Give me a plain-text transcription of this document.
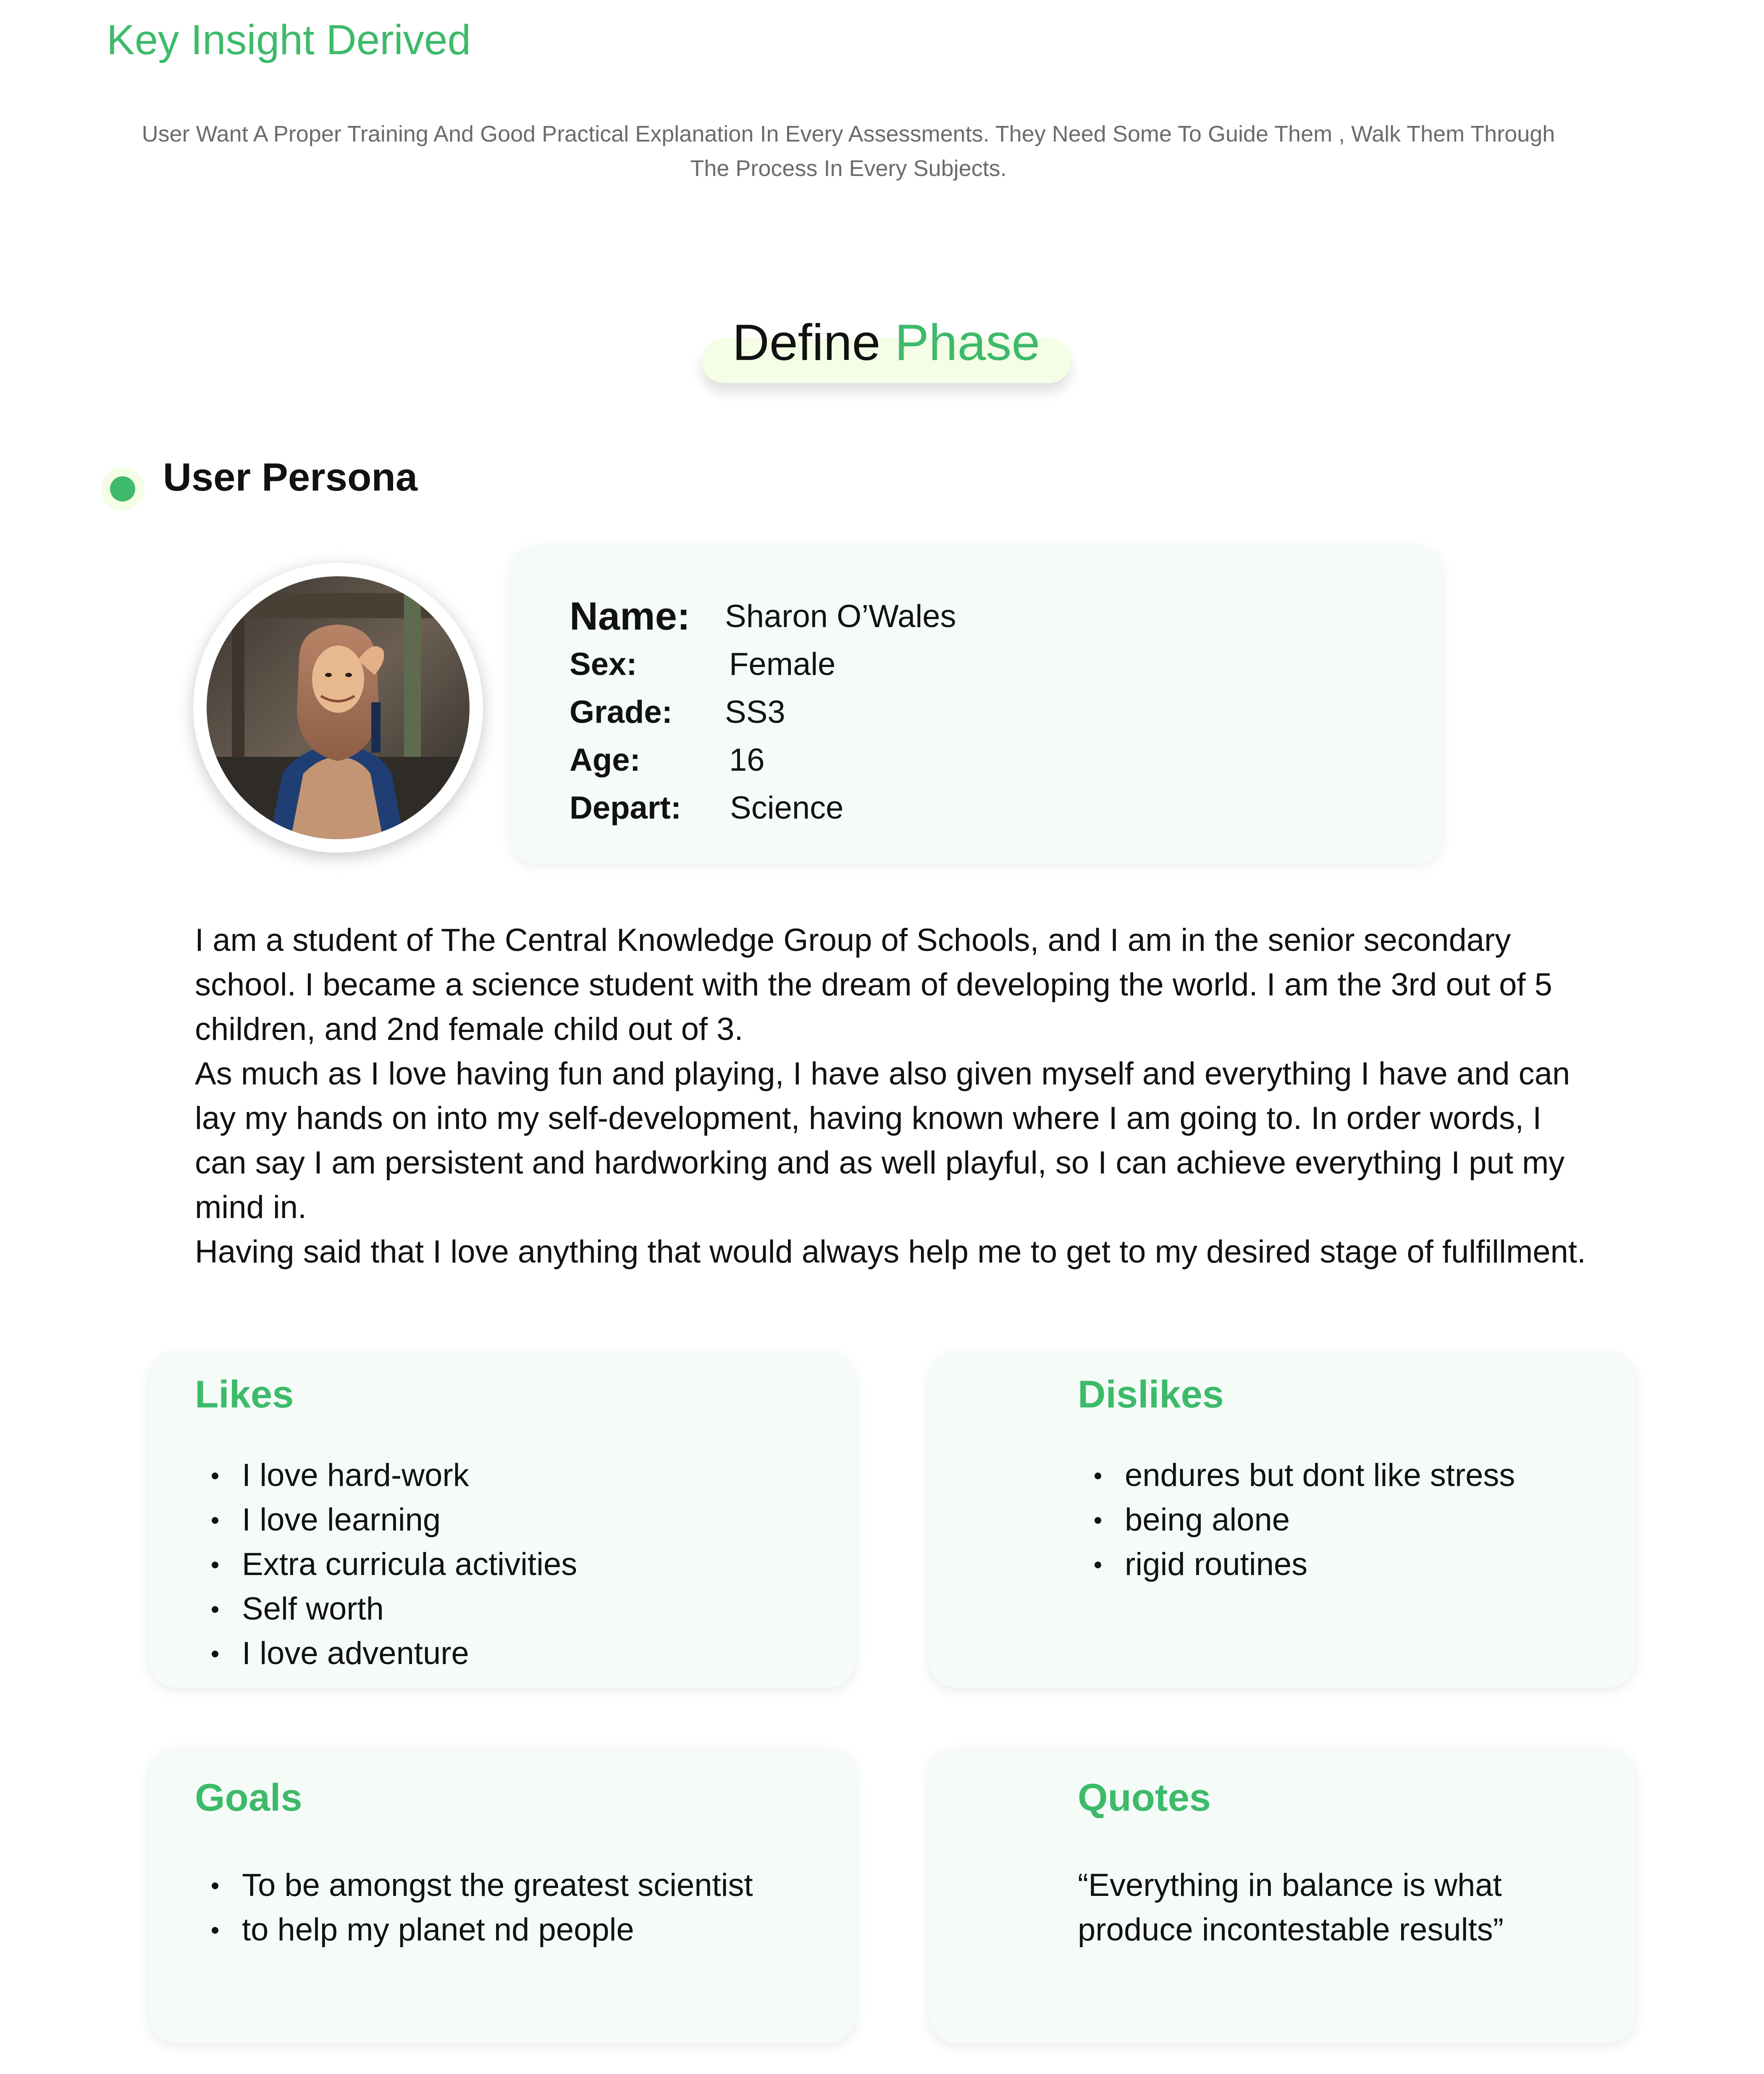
Key Insight Derived
User Want A Proper Training And Good Practical Explanation In Every Assessments. They Need Some To Guide Them , Walk Them Through The Process In Every Subjects.
Define Phase
User Persona
Name: Sharon O’Wales
Sex:	Female
Grade: SS3
Age:	16
Depart: Science

I am a student of The Central Knowledge Group of Schools, and I am in the senior secondary school. I became a science student with the dream of developing the world. I am the 3rd out of 5 children, and 2nd female child out of 3.

As much as I love having fun and playing, I have also given myself and everything I have and can lay my hands on into my self-development, having known where I am going to. In order words, I can say I am persistent and hardworking and as well playful, so I can achieve everything I put my mind in.

Having said that I love anything that would always help me to get to my desired stage of fulfillment.

Likes
I love hard-work
I love learning
Extra curricula activities
Self worth
I love adventure
Dislikes
endures but dont like stress
being alone
rigid routines
Goals
To be amongst the greatest scientist
to help my planet nd people
Quotes
“Everything in balance is what produce incontestable results”
